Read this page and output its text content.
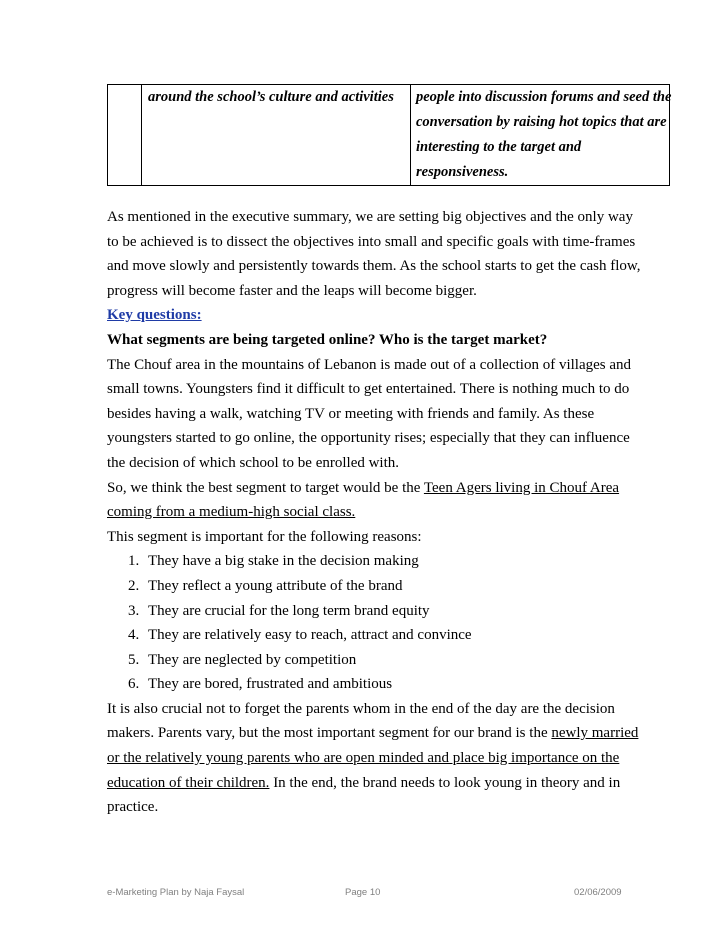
around the school’s culture and activities	people into discussion forums and seed the
conversation by raising hot topics that are
interesting to the target and
responsiveness.
As mentioned in the executive summary, we are setting big objectives and the only way
to be achieved is to dissect the objectives into small and specific goals with time-frames
and move slowly and persistently towards them. As the school starts to get the cash flow,
progress will become faster and the leaps will become bigger.
Key questions:
What segments are being targeted online? Who is the target market?
The Chouf area in the mountains of Lebanon is made out of a collection of villages and
small towns. Youngsters find it difficult to get entertained. There is nothing much to do
besides having a walk, watching TV or meeting with friends and family. As these
youngsters started to go online, the opportunity rises; especially that they can influence
the decision of which school to be enrolled with.
So, we think the best segment to target would be the Teen Agers living in Chouf Area
coming from a medium-high social class.
This segment is important for the following reasons:
1. They have a big stake in the decision making
2. They reflect a young attribute of the brand
3. They are crucial for the long term brand equity
4. They are relatively easy to reach, attract and convince
5. They are neglected by competition
6. They are bored, frustrated and ambitious
It is also crucial not to forget the parents whom in the end of the day are the decision
makers. Parents vary, but the most important segment for our brand is the newly married
or the relatively young parents who are open minded and place big importance on the
education of their children. In the end, the brand needs to look young in theory and in
practice.
e-Marketing Plan by Naja Faysal	Page 10	02/06/2009
